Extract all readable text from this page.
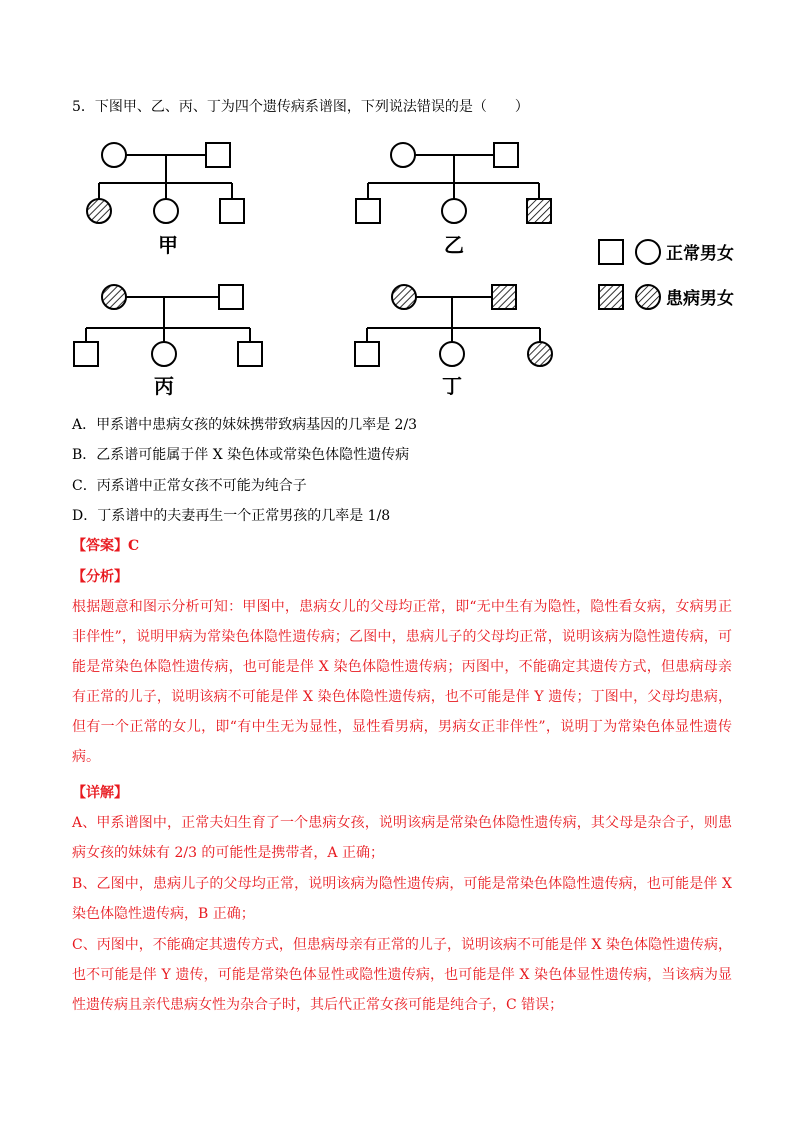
5．下图甲、乙、丙、丁为四个遗传病系谱图，下列说法错误的是（　　）
甲	乙
丙	丁
正常男女
患病男女
A．甲系谱中患病女孩的妹妹携带致病基因的几率是 2/3
B．乙系谱可能属于伴 X 染色体或常染色体隐性遗传病
C．丙系谱中正常女孩不可能为纯合子
D．丁系谱中的夫妻再生一个正常男孩的几率是 1/8
【答案】C
【分析】

根据题意和图示分析可知：甲图中，患病女儿的父母均正常，即“无中生有为隐性，隐性看女病，女病男正非伴性”，说明甲病为常染色体隐性遗传病；乙图中，患病儿子的父母均正常，说明该病为隐性遗传病，可能是常染色体隐性遗传病，也可能是伴 X 染色体隐性遗传病；丙图中，不能确定其遗传方式，但患病母亲有正常的儿子，说明该病不可能是伴 X 染色体隐性遗传病，也不可能是伴 Y 遗传；丁图中，父母均患病，但有一个正常的女儿，即“有中生无为显性，显性看男病，男病女正非伴性”，说明丁为常染色体显性遗传病。

【详解】

A、甲系谱图中，正常夫妇生育了一个患病女孩，说明该病是常染色体隐性遗传病，其父母是杂合子，则患病女孩的妹妹有 2/3 的可能性是携带者，A 正确；

B、乙图中，患病儿子的父母均正常，说明该病为隐性遗传病，可能是常染色体隐性遗传病，也可能是伴 X 染色体隐性遗传病，B 正确；

C、丙图中，不能确定其遗传方式，但患病母亲有正常的儿子，说明该病不可能是伴 X 染色体隐性遗传病，也不可能是伴 Y 遗传，可能是常染色体显性或隐性遗传病，也可能是伴 X 染色体显性遗传病，当该病为显性遗传病且亲代患病女性为杂合子时，其后代正常女孩可能是纯合子，C 错误；
